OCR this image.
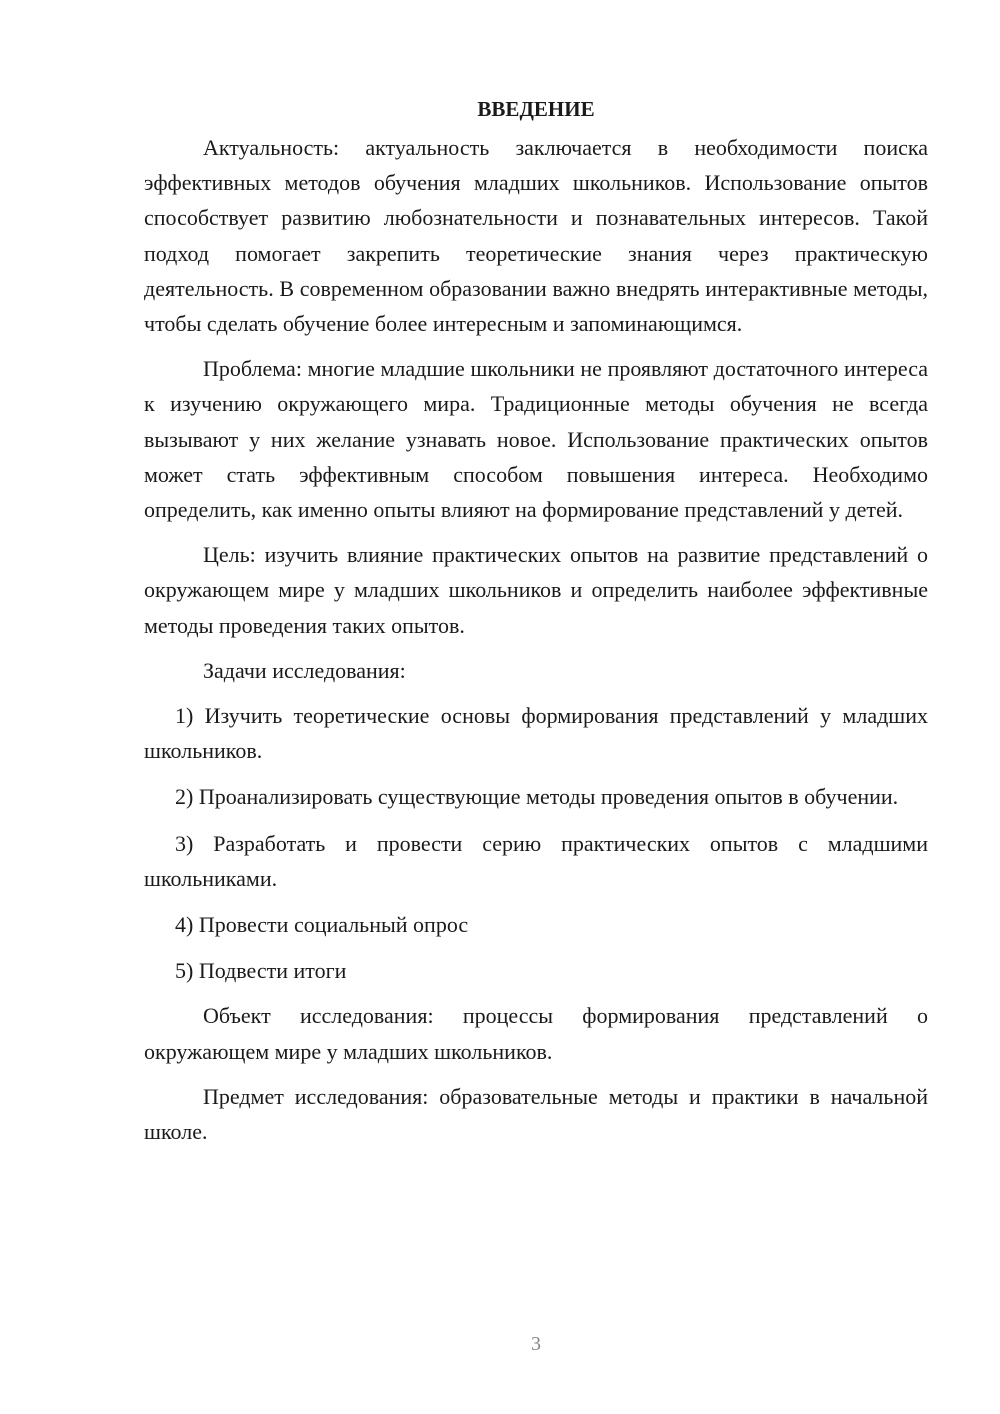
ВВЕДЕНИЕ

Актуальность: актуальность заключается в необходимости поиска эффективных методов обучения младших школьников. Использование опытов способствует развитию любознательности и познавательных интересов. Такой подход помогает закрепить теоретические знания через практическую деятельность. В современном образовании важно внедрять интерактивные методы, чтобы сделать обучение более интересным и запоминающимся.

Проблема: многие младшие школьники не проявляют достаточного интереса к изучению окружающего мира. Традиционные методы обучения не всегда вызывают у них желание узнавать новое. Использование практических опытов может стать эффективным способом повышения интереса. Необходимо определить, как именно опыты влияют на формирование представлений у детей.

Цель: изучить влияние практических опытов на развитие представлений о окружающем мире у младших школьников и определить наиболее эффективные методы проведения таких опытов.

Задачи исследования:

1) Изучить теоретические основы формирования представлений у младших школьников.

2) Проанализировать существующие методы проведения опытов в обучении.

3) Разработать и провести серию практических опытов с младшими школьниками.

4) Провести социальный опрос

5) Подвести итоги

Объект исследования: процессы формирования представлений о окружающем мире у младших школьников.

Предмет исследования: образовательные методы и практики в начальной школе.

3
